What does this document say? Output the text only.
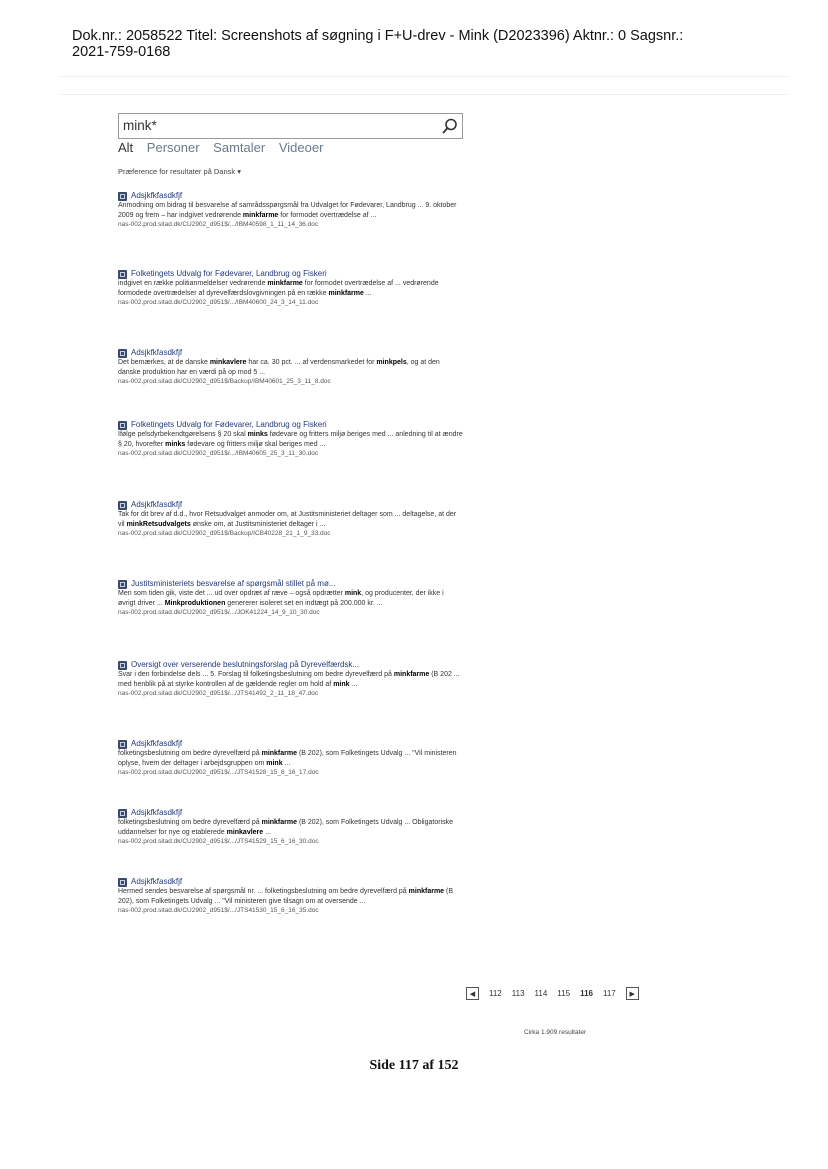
Dok.nr.: 2058522 Titel: Screenshots af søgning i F+U-drev - Mink (D2023396) Aktnr.: 0 Sagsnr.:
2021-759-0168
mink*
Alt Personer Samtaler Videoer
Præference for resultater på Dansk ▾
Adsjkfkfasdkfjf
Anmodning om bidrag til besvarelse af samrådsspørgsmål fra Udvalget for Fødevarer, Landbrug ... 9. oktober 2009 og frem – har indgivet vedrørende minkfarme for formodet overtrædelse af ...
nas-002.prod.sitad.dk/CU2902_d951$/.../IBM40598_1_11_14_36.doc
Folketingets Udvalg for Fødevarer, Landbrug og Fiskeri
indgivet en række politianmeldelser vedrørende minkfarme for formodet overtrædelse af ... vedrørende formodede overtrædelser af dyrevelfærdslovgivningen på en række minkfarme ...
nas-002.prod.sitad.dk/CU2902_d951$/.../IBM40600_24_3_14_11.doc
Adsjkfkfasdkfjf
Det bemærkes, at de danske minkavlere har ca. 30 pct. ... af verdensmarkedet for minkpels, og at den danske produktion har en værdi på op mod 5 ...
nas-002.prod.sitad.dk/CU2902_d951$/Backup/IBM40601_25_3_11_8.doc
Folketingets Udvalg for Fødevarer, Landbrug og Fiskeri
Ifølge pelsdyrbekendtgørelsens § 20 skal minks fødevare og fritters miljø beriges med ... anledning til at ændre § 20, hvorefter minks fødevare og fritters miljø skal beriges med ...
nas-002.prod.sitad.dk/CU2902_d951$/.../IBM40605_25_3_11_30.doc
Adsjkfkfasdkfjf
Tak for dit brev af d.d., hvor Retsudvalget anmoder om, at Justitsministeriet deltager som ... deltagelse, at der vil minkRetsudvalgets ønske om, at Justitsministeriet deltager i ...
nas-002.prod.sitad.dk/CU2902_d951$/Backup/ICB40228_21_1_9_33.doc
Justitsministeriets besvarelse af spørgsmål stillet på mø...
Men som tiden gik, viste det ... ud over opdræt af ræve – også opdrætter mink, og producenter, der ikke i øvrigt driver ... Minkproduktionen genererer isoleret set en indtægt på 200.000 kr. ...
nas-002.prod.sitad.dk/CU2902_d951$/.../JOK41224_14_9_10_30.doc
Oversigt over verserende beslutningsforslag på Dyrevelfærdsk...
Svar i den forbindelse dels ... 5. Forslag til folketingsbeslutning om bedre dyrevelfærd på minkfarme (B 202 ... med henblik på at styrke kontrollen af de gældende regler om hold af mink ...
nas-002.prod.sitad.dk/CU2902_d951$/.../JTS41492_2_11_18_47.doc
Adsjkfkfasdkfjf
folketingsbeslutning om bedre dyrevelfærd på minkfarme (B 202), som Folketingets Udvalg ... "Vil ministeren oplyse, hvem der deltager i arbejdsgruppen om mink ...
nas-002.prod.sitad.dk/CU2902_d951$/.../JTS41528_15_6_16_17.doc
Adsjkfkfasdkfjf
folketingsbeslutning om bedre dyrevelfærd på minkfarme (B 202), som Folketingets Udvalg ... Obligatoriske uddannelser for nye og etablerede minkavlere ...
nas-002.prod.sitad.dk/CU2902_d951$/.../JTS41529_15_6_16_30.doc
Adsjkfkfasdkfjf
Hermed sendes besvarelse af spørgsmål nr. ... folketingsbeslutning om bedre dyrevelfærd på minkfarme (B 202), som Folketingets Udvalg ... "Vil ministeren give tilsagn om at oversende ...
nas-002.prod.sitad.dk/CU2902_d951$/.../JTS41530_15_6_16_35.doc
◀ 112 113 114 115 116 117 ▶
Cirka 1.909 resultater
Side 117 af 152
